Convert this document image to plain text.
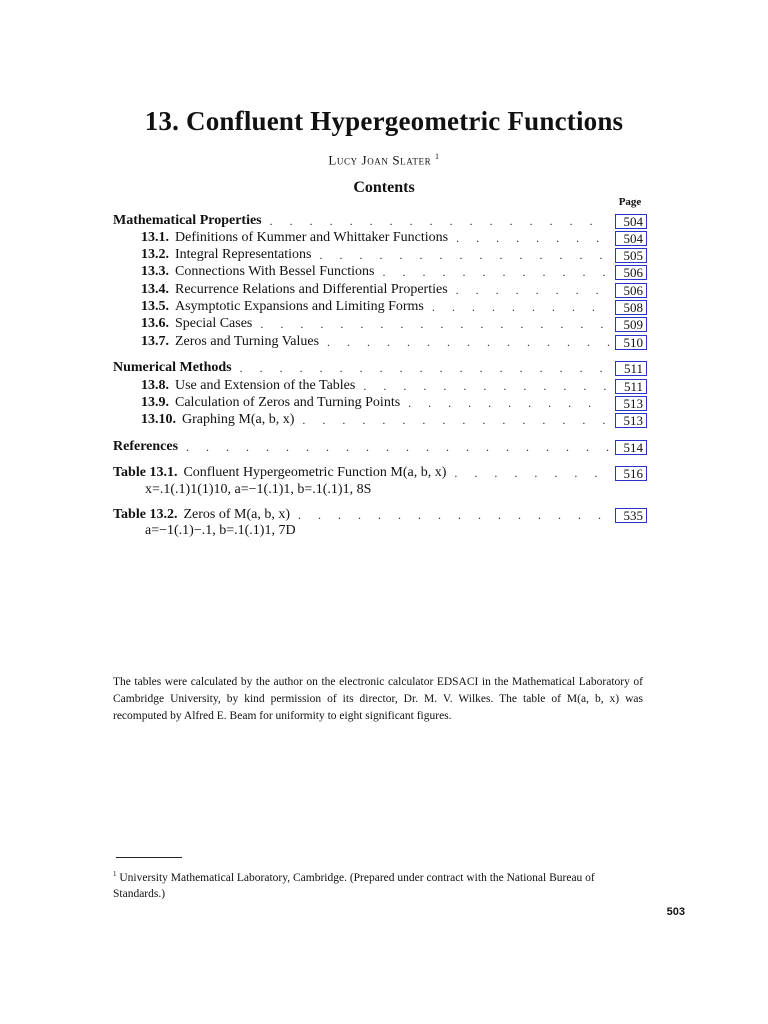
13. Confluent Hypergeometric Functions
Lucy Joan Slater $^1$
Contents
Page
Mathematical Properties . . .	504
13.1. Definitions of Kummer and Whittaker Functions . . .	504
13.2. Integral Representations . . .	505
13.3. Connections With Bessel Functions . . .	506
13.4. Recurrence Relations and Differential Properties . . .	506
13.5. Asymptotic Expansions and Limiting Forms . . .	508
13.6. Special Cases . . .	509
13.7. Zeros and Turning Values . . .	510
Numerical Methods . . .	511
13.8. Use and Extension of the Tables . . .	511
13.9. Calculation of Zeros and Turning Points . . .	513
13.10. Graphing M(a, b, x) . . .	513
References . . .	514
Table 13.1. Confluent Hypergeometric Function M(a, b, x) . . .	516
x=.1(.1)1(1)10, a=−1(.1)1, b=.1(.1)1, 8S
Table 13.2. Zeros of M(a, b, x) . . .	535
a=−1(.1)−.1, b=.1(.1)1, 7D
The tables were calculated by the author on the electronic calculator EDSACI in the Mathematical Laboratory of Cambridge University, by kind permission of its director, Dr. M. V. Wilkes. The table of M(a, b, x) was recomputed by Alfred E. Beam for uniformity to eight significant figures.
$^1$ University Mathematical Laboratory, Cambridge. (Prepared under contract with the National Bureau of Standards.)
503
